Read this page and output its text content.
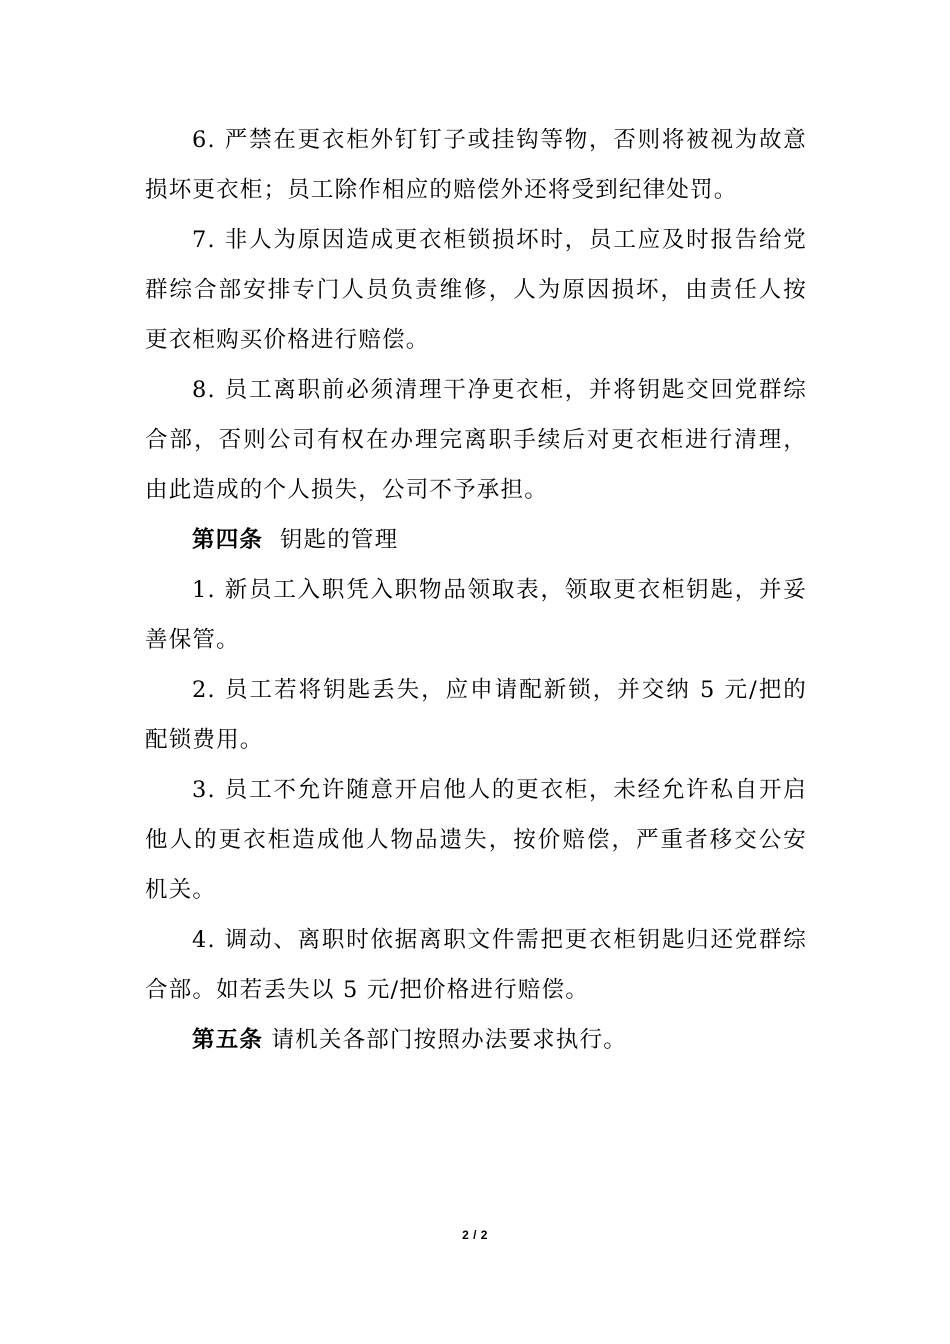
6. 严禁在更衣柜外钉钉子或挂钩等物，否则将被视为故意损坏更衣柜；员工除作相应的赔偿外还将受到纪律处罚。

7. 非人为原因造成更衣柜锁损坏时，员工应及时报告给党群综合部安排专门人员负责维修，人为原因损坏，由责任人按更衣柜购买价格进行赔偿。

8. 员工离职前必须清理干净更衣柜，并将钥匙交回党群综合部，否则公司有权在办理完离职手续后对更衣柜进行清理，由此造成的个人损失，公司不予承担。

第四条 钥匙的管理

1. 新员工入职凭入职物品领取表，领取更衣柜钥匙，并妥善保管。

2. 员工若将钥匙丢失，应申请配新锁，并交纳 5 元/把的配锁费用。

3. 员工不允许随意开启他人的更衣柜，未经允许私自开启他人的更衣柜造成他人物品遗失，按价赔偿，严重者移交公安机关。

4. 调动、离职时依据离职文件需把更衣柜钥匙归还党群综合部。如若丢失以 5 元/把价格进行赔偿。

第五条 请机关各部门按照办法要求执行。

2 / 2
